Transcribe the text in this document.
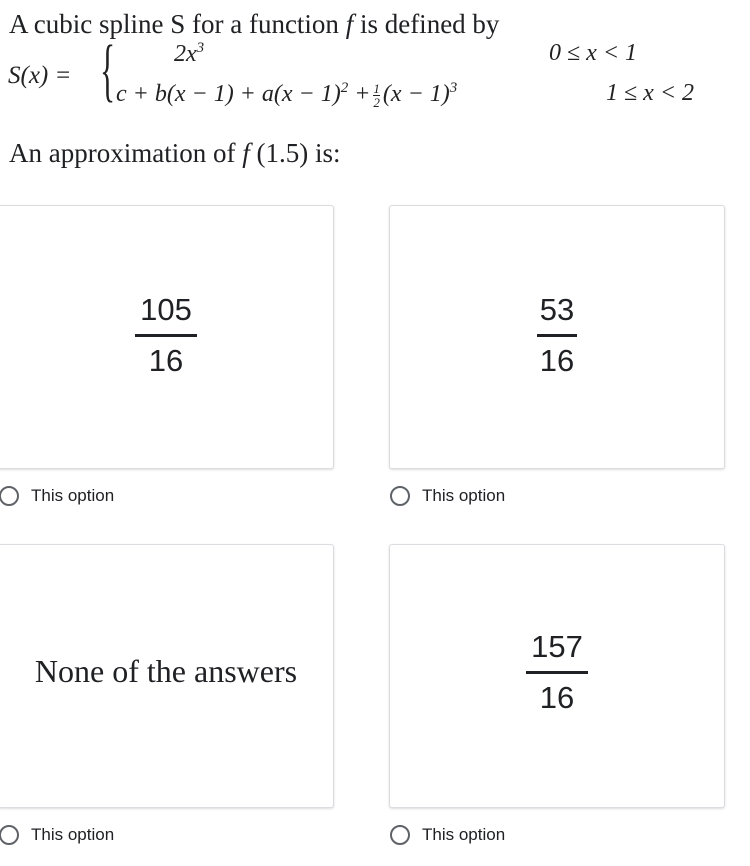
A cubic spline S for a function f is defined by
S(x) = { $2x^3$	0 ≤ x < 1
$c + b(x - 1) + a(x - 1)^2 + \frac{1}{2} (x - 1)^3$	1 ≤ x < 2
An approximation of f (1.5) is:
105
16
This option
53
16
This option
None of the answers
This option
157
16
This option
